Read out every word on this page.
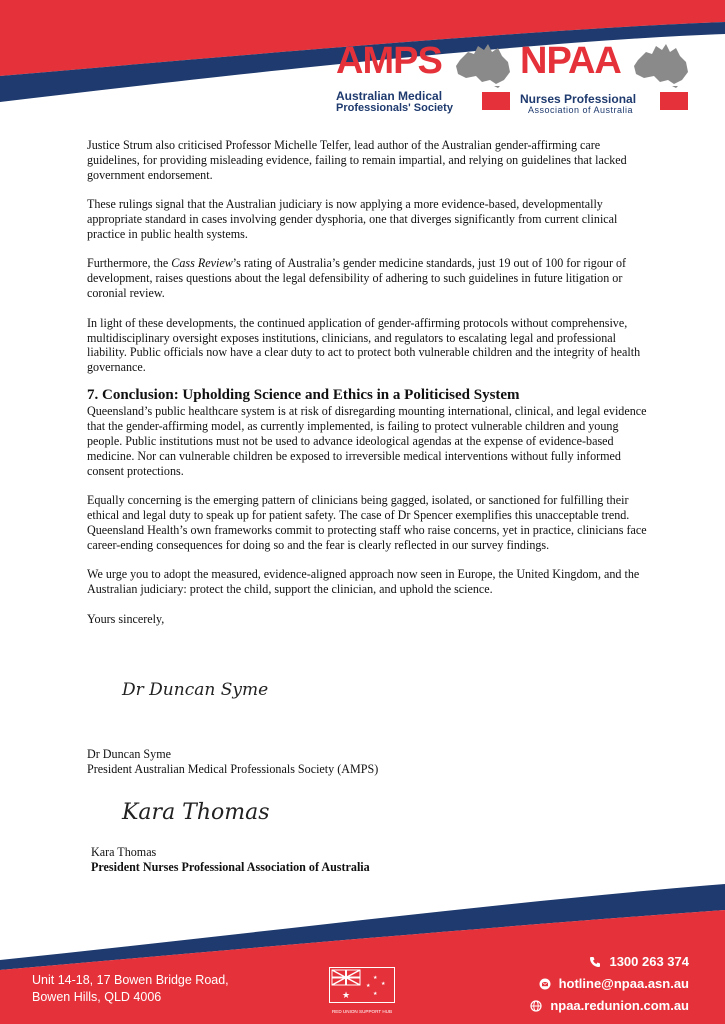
AMPS
Australian Medical
Professionals' Society
NPAA
Nurses Professional
Association of Australia

Justice Strum also criticised Professor Michelle Telfer, lead author of the Australian gender-affirming care guidelines, for providing misleading evidence, failing to remain impartial, and relying on guidelines that lacked government endorsement.

These rulings signal that the Australian judiciary is now applying a more evidence-based, developmentally appropriate standard in cases involving gender dysphoria, one that diverges significantly from current clinical practice in public health systems.

Furthermore, the Cass Review’s rating of Australia’s gender medicine standards, just 19 out of 100 for rigour of development, raises questions about the legal defensibility of adhering to such guidelines in future litigation or coronial review.

In light of these developments, the continued application of gender-affirming protocols without comprehensive, multidisciplinary oversight exposes institutions, clinicians, and regulators to escalating legal and professional liability. Public officials now have a clear duty to act to protect both vulnerable children and the integrity of health governance.

7. Conclusion: Upholding Science and Ethics in a Politicised System

Queensland’s public healthcare system is at risk of disregarding mounting international, clinical, and legal evidence that the gender-affirming model, as currently implemented, is failing to protect vulnerable children and young people. Public institutions must not be used to advance ideological agendas at the expense of evidence-based medicine. Nor can vulnerable children be exposed to irreversible medical interventions without fully informed consent protections.

Equally concerning is the emerging pattern of clinicians being gagged, isolated, or sanctioned for fulfilling their ethical and legal duty to speak up for patient safety. The case of Dr Spencer exemplifies this unacceptable trend. Queensland Health’s own frameworks commit to protecting staff who raise concerns, yet in practice, clinicians face career-ending consequences for doing so and the fear is clearly reflected in our survey findings.

We urge you to adopt the measured, evidence-aligned approach now seen in Europe, the United Kingdom, and the Australian judiciary: protect the child, support the clinician, and uphold the science.

Yours sincerely,

Dr Duncan Syme
Dr Duncan Syme
President Australian Medical Professionals Society (AMPS)
Kara Thomas
Kara Thomas
President Nurses Professional Association of Australia
Unit 14-18, 17 Bowen Bridge Road,
Bowen Hills, QLD 4006	★
★
★
★
★
RED UNION SUPPORT HUB
1300 263 374
hotline@npaa.asn.au
npaa.redunion.com.au
